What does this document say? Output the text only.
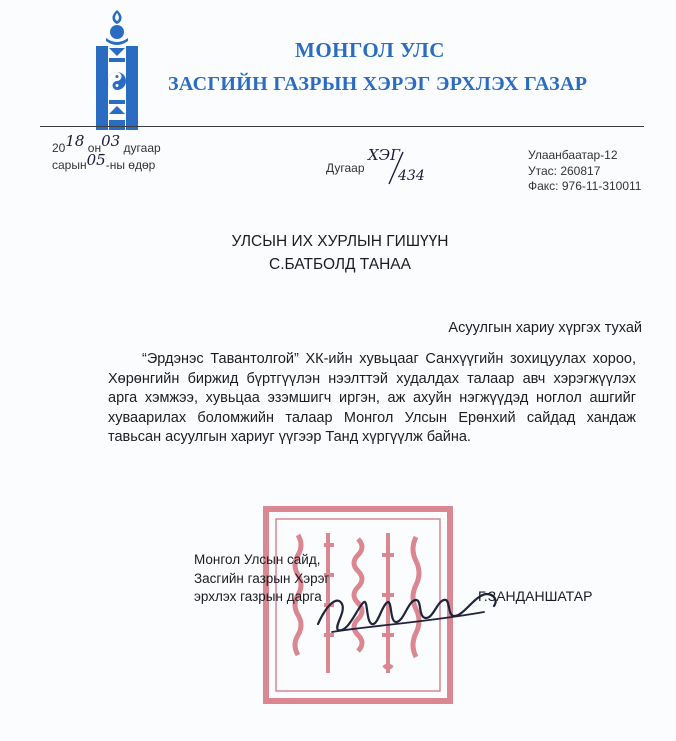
МОНГОЛ УЛС
ЗАСГИЙН ГАЗРЫН ХЭРЭГ ЭРХЛЭХ ГАЗАР
2018 он03 дугаар
сарын05-ны өдөр	Дугаар
ХЭГ
434
Улаанбаатар-12
Утас: 260817
Факс: 976-11-310011
УЛСЫН ИХ ХУРЛЫН ГИШҮҮН
С.БАТБОЛД ТАНАА
Асуулгын хариу хүргэх тухай
“Эрдэнэс Тавантолгой” ХК-ийн хувьцааг Санхүүгийн зохицуулах хороо, Хөрөнгийн биржид бүртгүүлэн нээлттэй худалдах талаар авч хэрэгжүүлэх арга хэмжээ, хувьцаа эзэмшигч иргэн, аж ахуйн нэгжүүдэд ноглол ашгийг хуваарилах боломжийн талаар Монгол Улсын Ерөнхий сайдад хандаж тавьсан асуулгын хариуг үүгээр Танд хүргүүлж байна.
Монгол Улсын сайд,
Засгийн газрын Хэрэг
эрхлэх газрын дарга	Г.ЗАНДАНШАТАР
